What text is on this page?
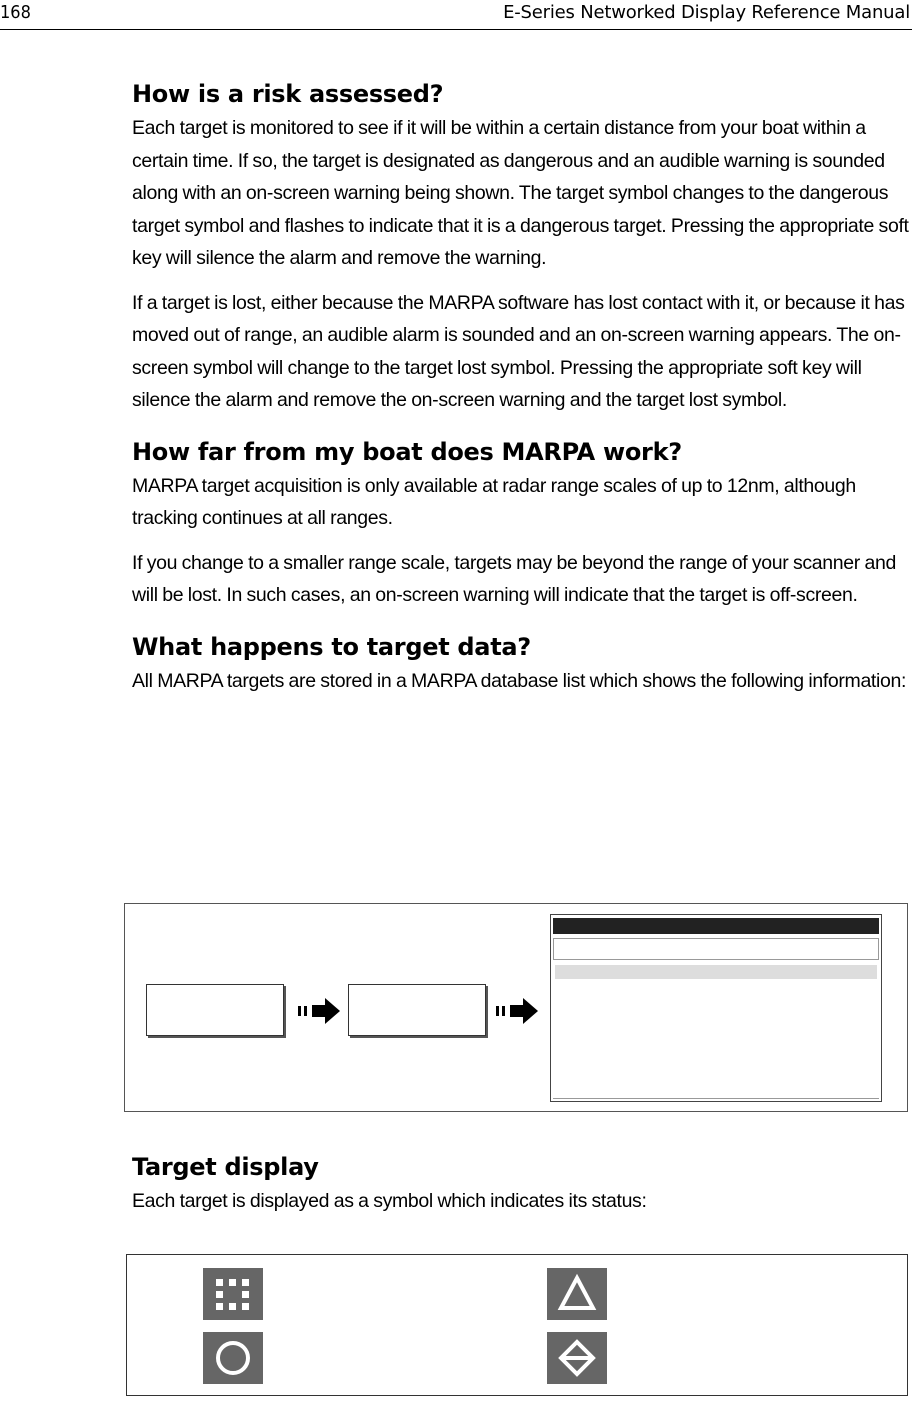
168	E-Series Networked Display Reference Manual
How is a risk assessed?

Each target is monitored to see if it will be within a certain distance from your boat within a certain time. If so, the target is designated as dangerous and an audible warning is sounded along with an on-screen warning being shown. The target symbol changes to the dangerous target symbol and flashes to indicate that it is a dangerous target. Pressing the appropriate soft key will silence the alarm and remove the warning.

If a target is lost, either because the MARPA software has lost contact with it, or because it has moved out of range, an audible alarm is sounded and an on-screen warning appears. The on-screen symbol will change to the target lost symbol. Pressing the appropriate soft key will silence the alarm and remove the on-screen warning and the target lost symbol.

How far from my boat does MARPA work?

MARPA target acquisition is only available at radar range scales of up to 12nm, although tracking continues at all ranges.

If you change to a smaller range scale, targets may be beyond the range of your scanner and will be lost. In such cases, an on-screen warning will indicate that the target is off-screen.

What happens to target data?

All MARPA targets are stored in a MARPA database list which shows the following information:

Target display

Each target is displayed as a symbol which indicates its status:
